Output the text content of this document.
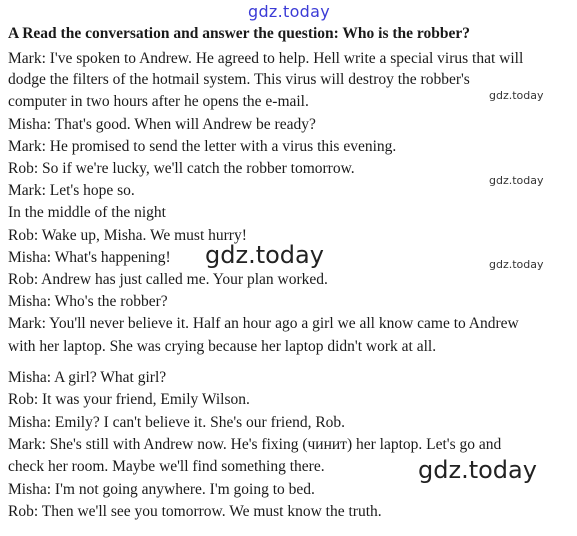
gdz.today
A Read the conversation and answer the question: Who is the robber?
Mark: I've spoken to Andrew. He agreed to help. Hell write a special virus that will
dodge the filters of the hotmail system. This virus will destroy the robber's
computer in two hours after he opens the e-mail.
Misha: That's good. When will Andrew be ready?
Mark: He promised to send the letter with a virus this evening.
Rob: So if we're lucky, we'll catch the robber tomorrow.
Mark: Let's hope so.
In the middle of the night
Rob: Wake up, Misha. We must hurry!
Misha: What's happening!
Rob: Andrew has just called me. Your plan worked.
Misha: Who's the robber?
Mark: You'll never believe it. Half an hour ago a girl we all know came to Andrew
with her laptop. She was crying because her laptop didn't work at all.
Misha: A girl? What girl?
Rob: It was your friend, Emily Wilson.
Misha: Emily? I can't believe it. She's our friend, Rob.
Mark: She's still with Andrew now. He's fixing (чинит) her laptop. Let's go and
check her room. Maybe we'll find something there.
Misha: I'm not going anywhere. I'm going to bed.
Rob: Then we'll see you tomorrow. We must know the truth.
gdz.today
gdz.today
gdz.today
gdz.today
gdz.today
